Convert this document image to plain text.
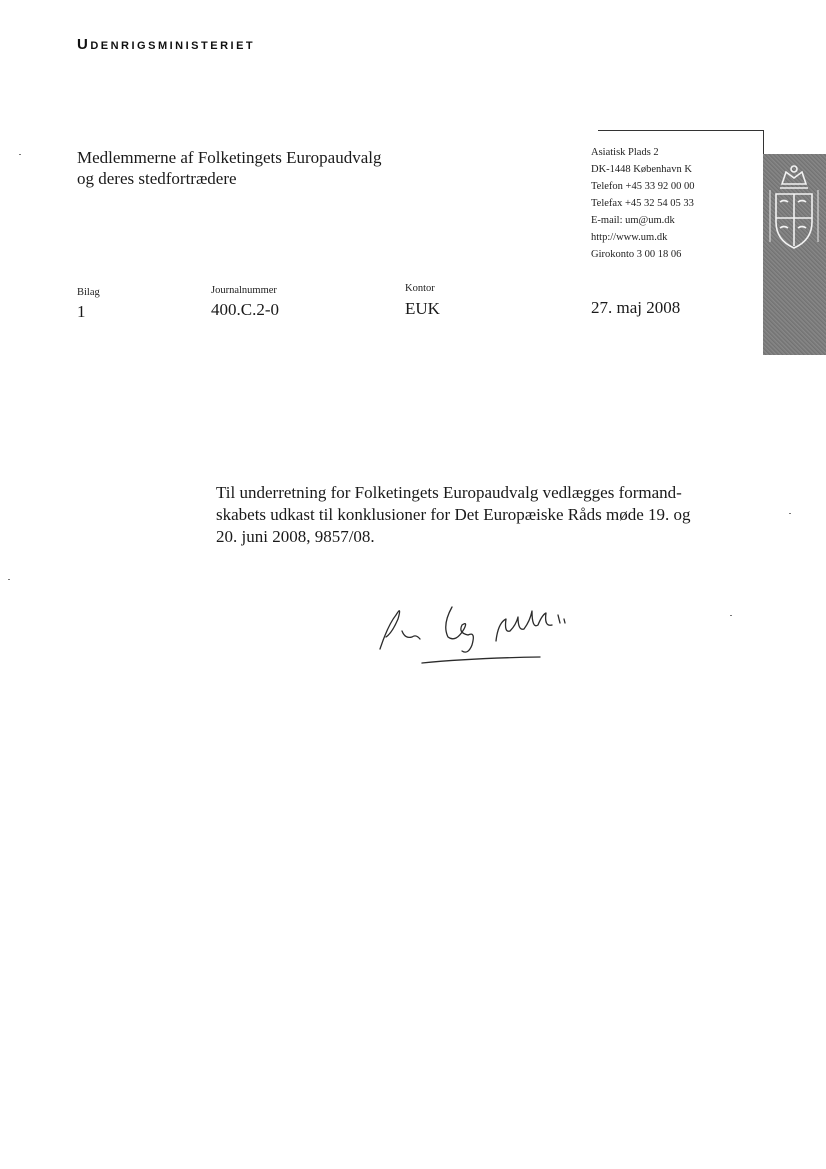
Udenrigsministeriet
Medlemmerne af Folketingets Europaudvalg
og deres stedfortrædere
Asiatisk Plads 2
DK-1448 København K
Telefon +45 33 92 00 00
Telefax +45 32 54 05 33
E-mail: um@um.dk
http://www.um.dk
Girokonto 3 00 18 06
Bilag
1
Journalnummer
400.C.2-0
Kontor
EUK	27. maj 2008
Til underretning for Folketingets Europaudvalg vedlægges formand-
skabets udkast til konklusioner for Det Europæiske Råds møde 19. og
20. juni 2008, 9857/08.
